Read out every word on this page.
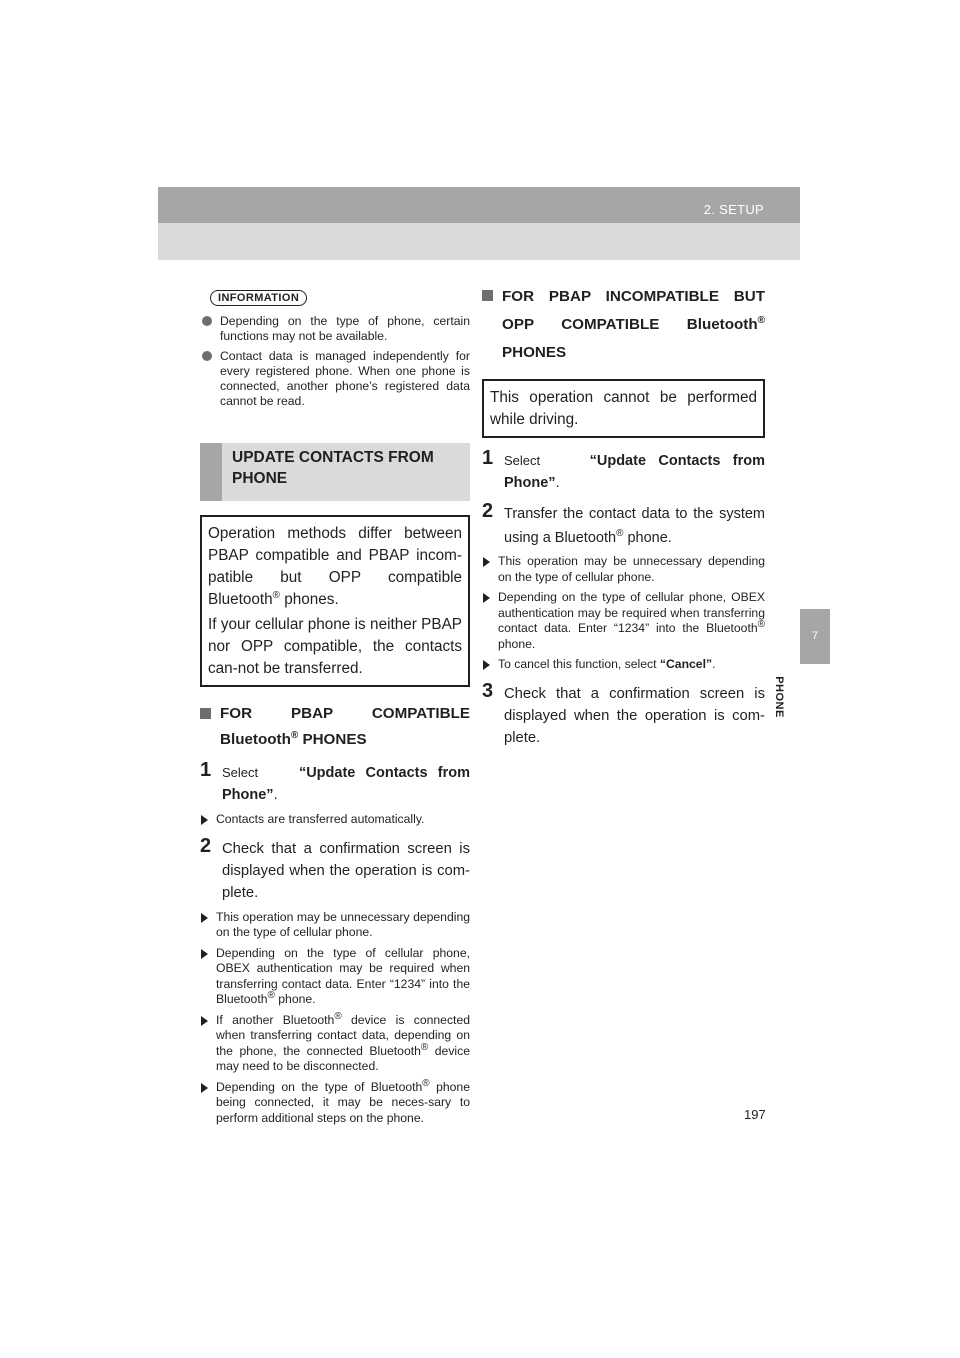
2. SETUP
7
PHONE
INFORMATION
Depending on the type of phone, certain functions may not be available.
Contact data is managed independently for every registered phone. When one phone is connected, another phone’s registered data cannot be read.
UPDATE CONTACTS FROM PHONE

Operation methods differ between PBAP compatible and PBAP incom-patible but OPP compatible Bluetooth® phones.

If your cellular phone is neither PBAP nor OPP compatible, the contacts can-not be transferred.

FOR PBAP COMPATIBLE Bluetooth® PHONES
1 Select	“Update Contacts from Phone”.
Contacts are transferred automatically.
2 Check that a confirmation screen is displayed when the operation is com-plete.
This operation may be unnecessary depending on the type of cellular phone.
Depending on the type of cellular phone, OBEX authentication may be required when transferring contact data. Enter “1234” into the Bluetooth® phone.
If another Bluetooth® device is connected when transferring contact data, depending on the phone, the connected Bluetooth® device may need to be disconnected.
Depending on the type of Bluetooth® phone being connected, it may be neces-sary to perform additional steps on the phone.
FOR PBAP INCOMPATIBLE BUT OPP COMPATIBLE Bluetooth® PHONES

This operation cannot be performed while driving.

1 Select	“Update Contacts from Phone”.
2 Transfer the contact data to the system using a Bluetooth® phone.
This operation may be unnecessary depending on the type of cellular phone.
Depending on the type of cellular phone, OBEX authentication may be required when transferring contact data. Enter “1234” into the Bluetooth® phone.
To cancel this function, select “Cancel”.
3 Check that a confirmation screen is displayed when the operation is com-plete.
197
